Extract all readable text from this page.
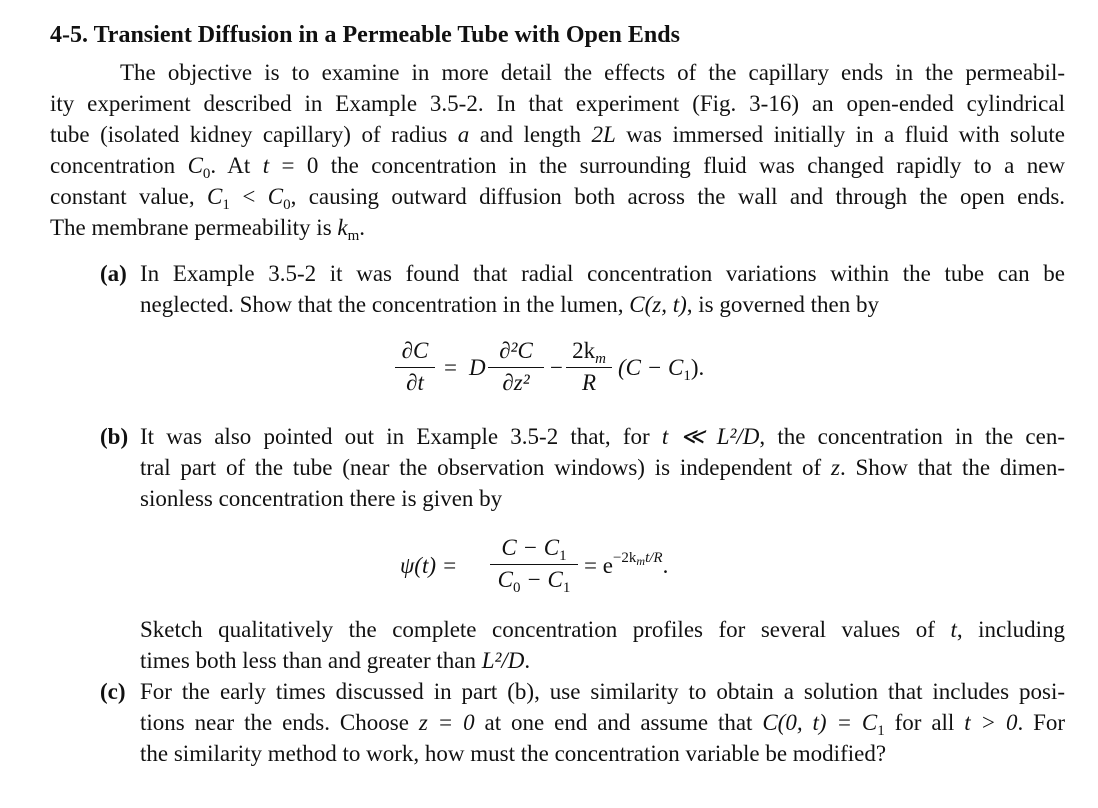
4-5. Transient Diffusion in a Permeable Tube with Open Ends
The objective is to examine in more detail the effects of the capillary ends in the permeabil-
ity experiment described in Example 3.5-2. In that experiment (Fig. 3-16) an open-ended cylindrical
tube (isolated kidney capillary) of radius a and length 2L was immersed initially in a fluid with solute
concentration $C_0$. At t = 0 the concentration in the surrounding fluid was changed rapidly to a new
constant value, $C_1 < C_0$, causing outward diffusion both across the wall and through the open ends.
The membrane permeability is $k_m$.
(a) In Example 3.5-2 it was found that radial concentration variations within the tube can be
neglected. Show that the concentration in the lumen, C(z, t), is governed then by
∂C
∂t
= D
∂²C
∂z²
−
$2k_m$
R
$(C - C_1)$.
(b) It was also pointed out in Example 3.5-2 that, for t ≪ L²/D, the concentration in the cen-
tral part of the tube (near the observation windows) is independent of z. Show that the dimen-
sionless concentration there is given by
ψ(t) =
$C - C_1$
$C_0 - C_1$
= $e^{-2k_mt/R}$.
Sketch qualitatively the complete concentration profiles for several values of t, including
times both less than and greater than L²/D.
(c) For the early times discussed in part (b), use similarity to obtain a solution that includes posi-
tions near the ends. Choose z = 0 at one end and assume that C(0, $t) = C_1$ for all t > 0. For
the similarity method to work, how must the concentration variable be modified?
